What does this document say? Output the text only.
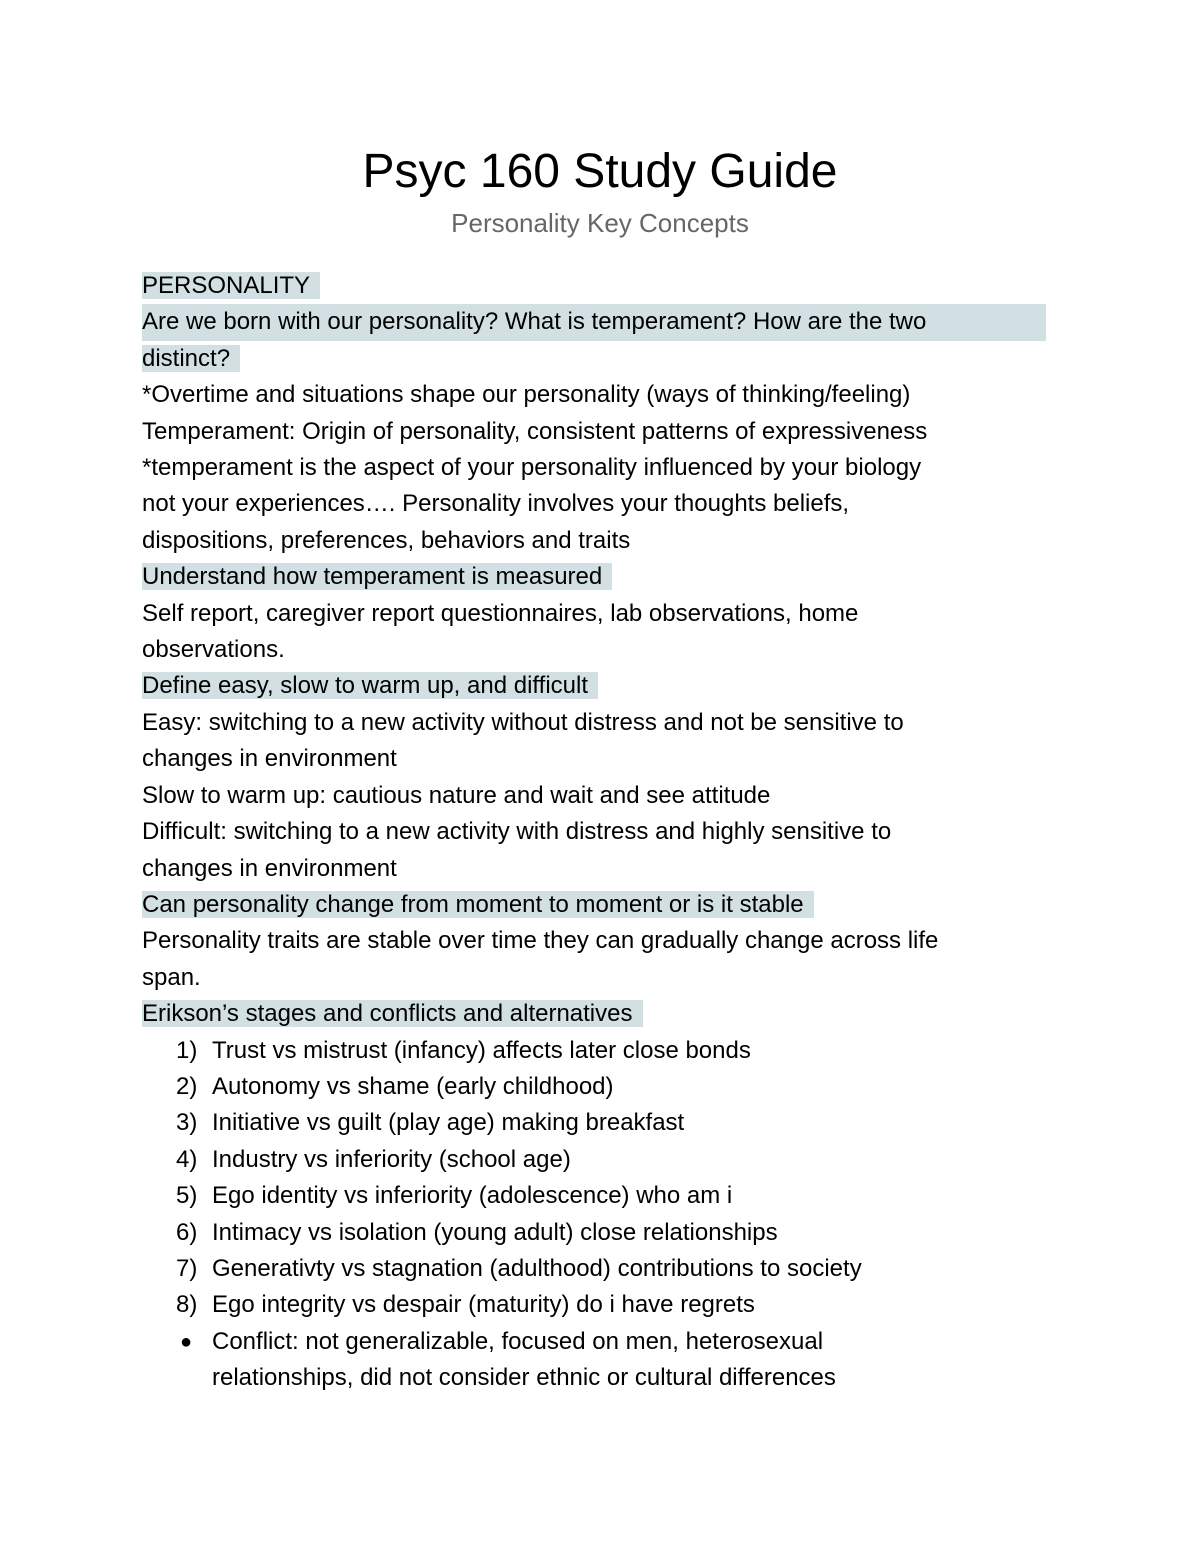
Psyc 160 Study Guide
Personality Key Concepts
PERSONALITY
Are we born with our personality? What is temperament? How are the two
distinct?
*Overtime and situations shape our personality (ways of thinking/feeling)
Temperament: Origin of personality, consistent patterns of expressiveness
*temperament is the aspect of your personality influenced by your biology
not your experiences…. Personality involves your thoughts beliefs,
dispositions, preferences, behaviors and traits
Understand how temperament is measured
Self report, caregiver report questionnaires, lab observations, home
observations.
Define easy, slow to warm up, and difficult
Easy: switching to a new activity without distress and not be sensitive to
changes in environment
Slow to warm up: cautious nature and wait and see attitude
Difficult: switching to a new activity with distress and highly sensitive to
changes in environment
Can personality change from moment to moment or is it stable
Personality traits are stable over time they can gradually change across life
span.
Erikson’s stages and conflicts and alternatives
1) Trust vs mistrust (infancy) affects later close bonds
2) Autonomy vs shame (early childhood)
3) Initiative vs guilt (play age) making breakfast
4) Industry vs inferiority (school age)
5) Ego identity vs inferiority (adolescence) who am i
6) Intimacy vs isolation (young adult) close relationships
7) Generativty vs stagnation (adulthood) contributions to society
8) Ego integrity vs despair (maturity) do i have regrets
● Conflict: not generalizable, focused on men, heterosexual
relationships, did not consider ethnic or cultural differences
